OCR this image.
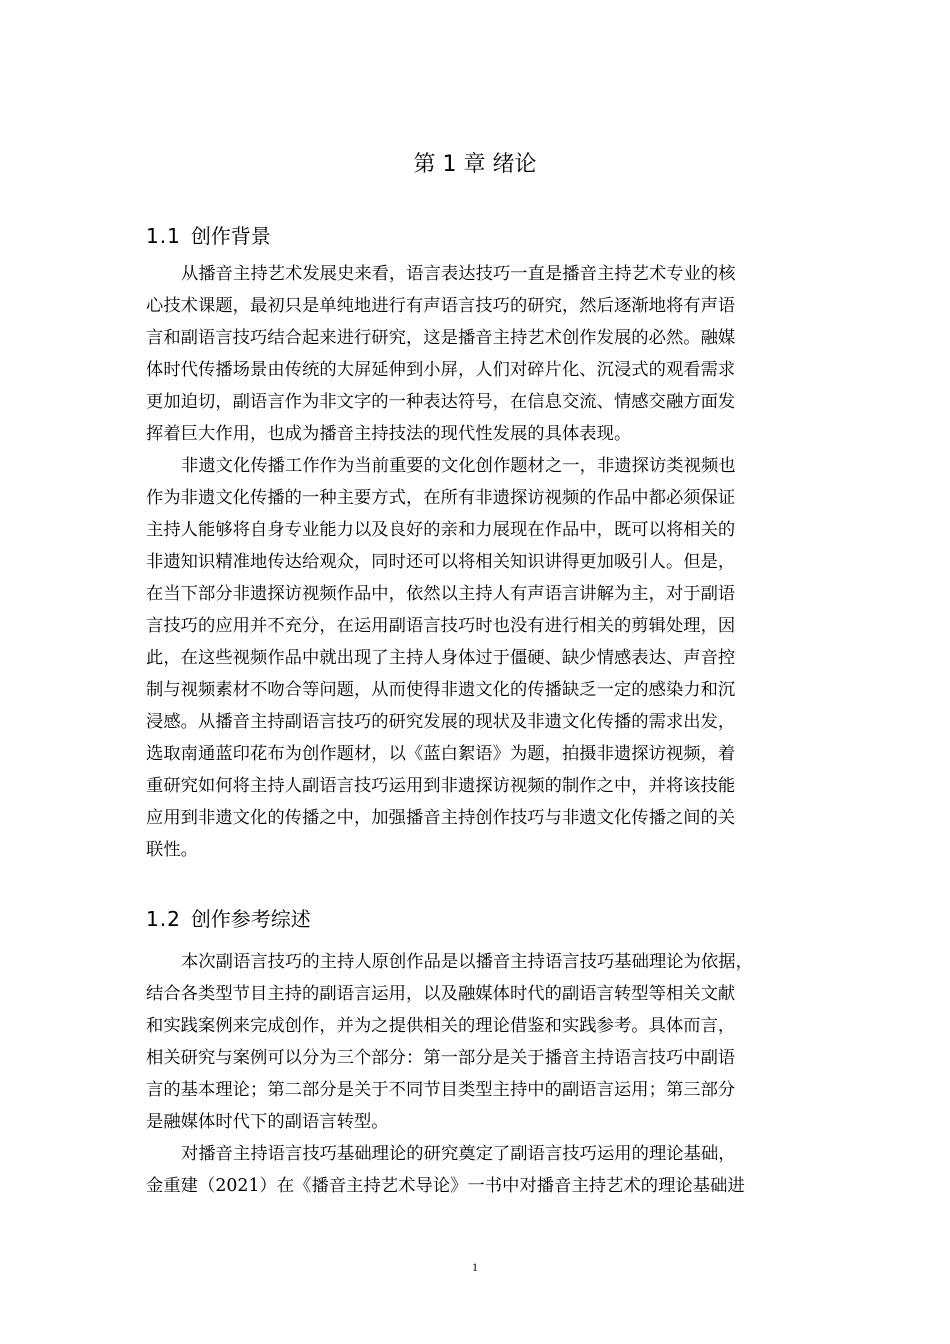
第 1 章 绪论
1.1 创作背景
从播音主持艺术发展史来看，语言表达技巧一直是播音主持艺术专业的核
心技术课题，最初只是单纯地进行有声语言技巧的研究，然后逐渐地将有声语
言和副语言技巧结合起来进行研究，这是播音主持艺术创作发展的必然。融媒
体时代传播场景由传统的大屏延伸到小屏，人们对碎片化、沉浸式的观看需求
更加迫切，副语言作为非文字的一种表达符号，在信息交流、情感交融方面发
挥着巨大作用，也成为播音主持技法的现代性发展的具体表现。
非遗文化传播工作作为当前重要的文化创作题材之一，非遗探访类视频也
作为非遗文化传播的一种主要方式，在所有非遗探访视频的作品中都必须保证
主持人能够将自身专业能力以及良好的亲和力展现在作品中，既可以将相关的
非遗知识精准地传达给观众，同时还可以将相关知识讲得更加吸引人。但是，
在当下部分非遗探访视频作品中，依然以主持人有声语言讲解为主，对于副语
言技巧的应用并不充分，在运用副语言技巧时也没有进行相关的剪辑处理，因
此，在这些视频作品中就出现了主持人身体过于僵硬、缺少情感表达、声音控
制与视频素材不吻合等问题，从而使得非遗文化的传播缺乏一定的感染力和沉
浸感。从播音主持副语言技巧的研究发展的现状及非遗文化传播的需求出发，
选取南通蓝印花布为创作题材，以《蓝白絮语》为题，拍摄非遗探访视频，着
重研究如何将主持人副语言技巧运用到非遗探访视频的制作之中，并将该技能
应用到非遗文化的传播之中，加强播音主持创作技巧与非遗文化传播之间的关
联性。
1.2 创作参考综述
本次副语言技巧的主持人原创作品是以播音主持语言技巧基础理论为依据，
结合各类型节目主持的副语言运用，以及融媒体时代的副语言转型等相关文献
和实践案例来完成创作，并为之提供相关的理论借鉴和实践参考。具体而言，
相关研究与案例可以分为三个部分：第一部分是关于播音主持语言技巧中副语
言的基本理论；第二部分是关于不同节目类型主持中的副语言运用；第三部分
是融媒体时代下的副语言转型。
对播音主持语言技巧基础理论的研究奠定了副语言技巧运用的理论基础，
金重建（2021）在《播音主持艺术导论》一书中对播音主持艺术的理论基础进
1
